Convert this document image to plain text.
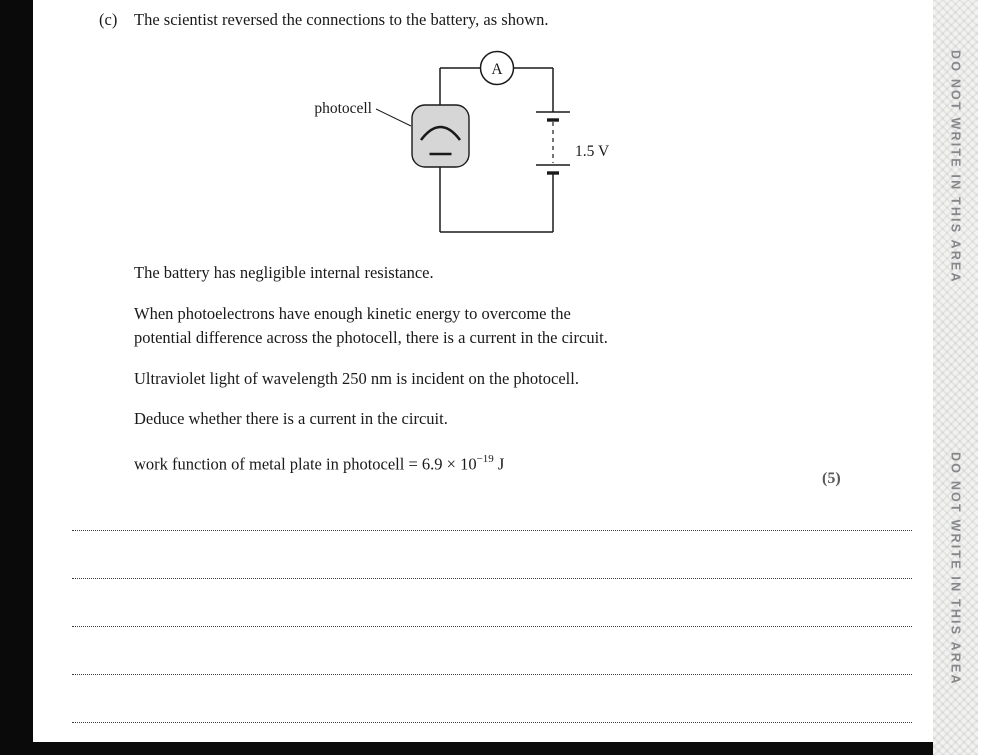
DO NOT WRITE IN THIS AREA
DO NOT WRITE IN THIS AREA
(c)	The scientist reversed the connections to the battery, as shown.
1.5 V
photocell
A

The battery has negligible internal resistance.

When photoelectrons have enough kinetic energy to overcome the
potential difference across the photocell, there is a current in the circuit.

Ultraviolet light of wavelength 250 nm is incident on the photocell.

Deduce whether there is a current in the circuit.

work function of metal plate in photocell = $6.9 \times 10^{-19}$ J

(5)
